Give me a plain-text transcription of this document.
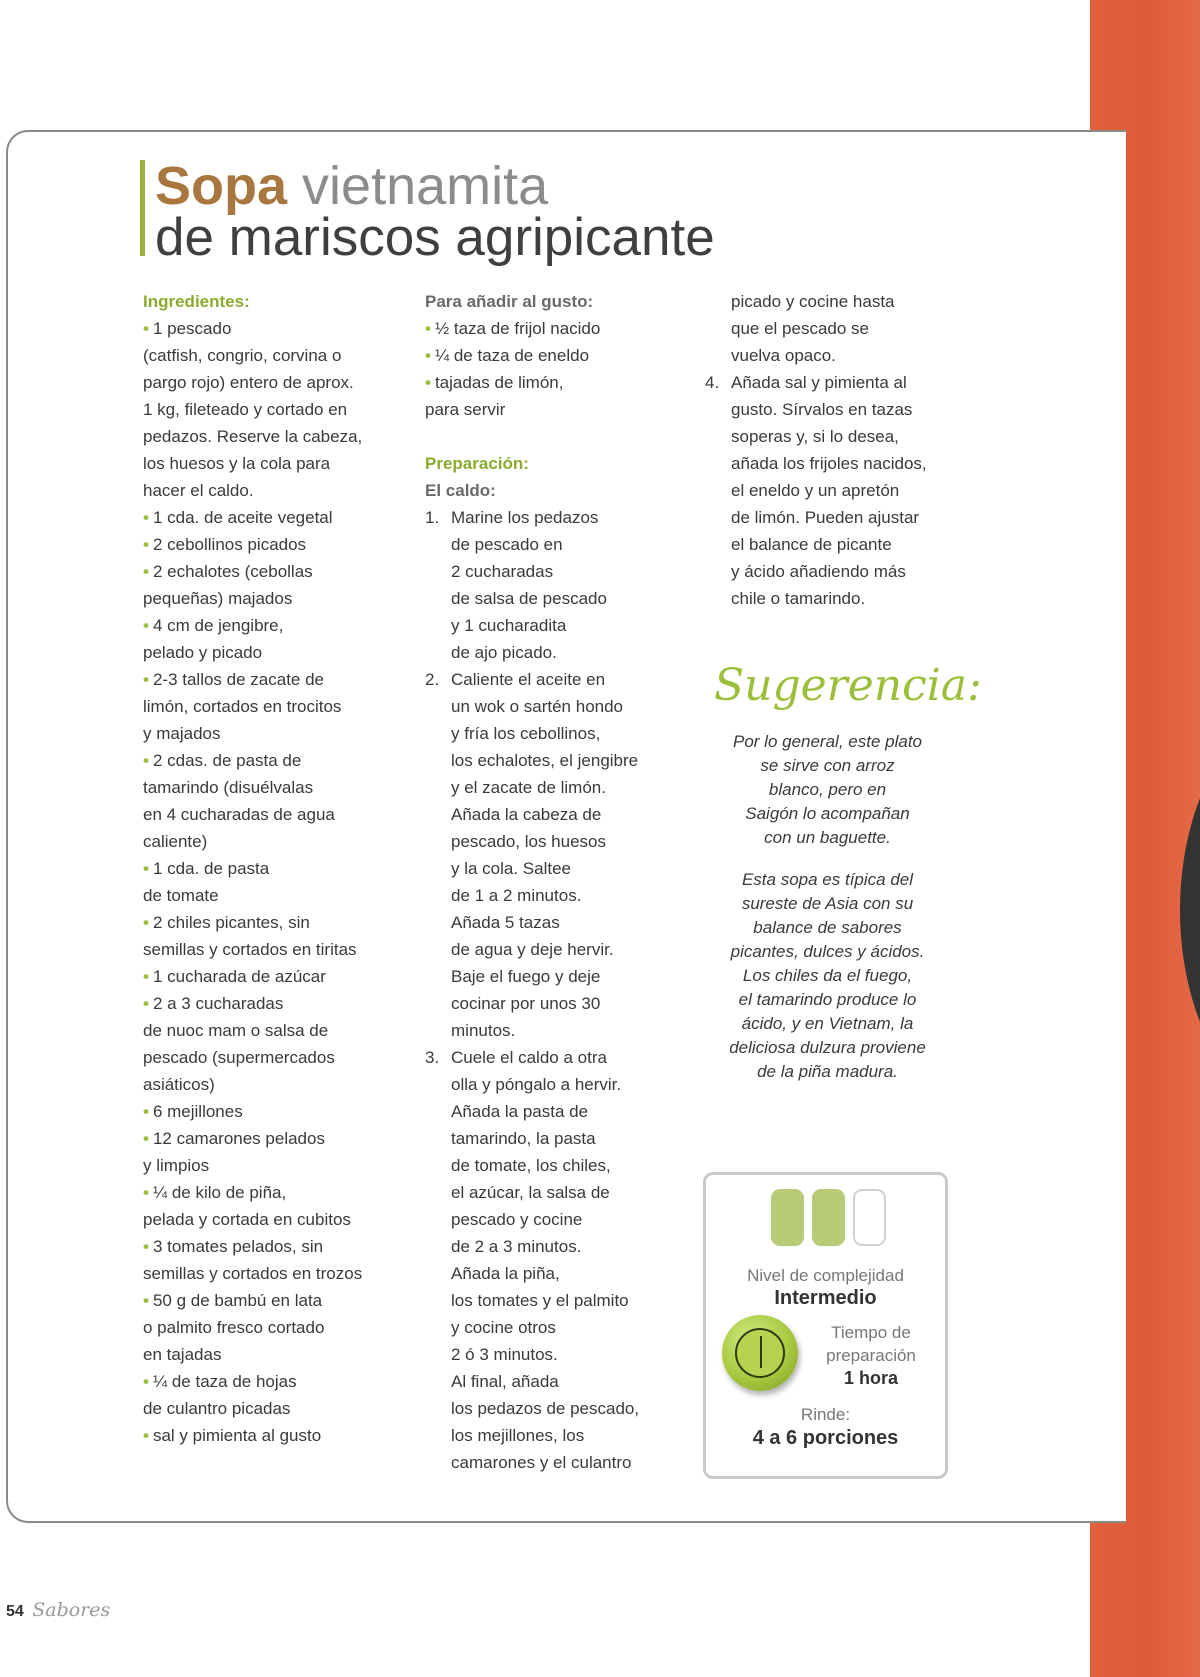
Sopa vietnamita
de mariscos agripicante

Ingredientes:

• 1 pescado

(catfish, congrio, corvina o

pargo rojo) entero de aprox.

1 kg, fileteado y cortado en

pedazos. Reserve la cabeza,

los huesos y la cola para

hacer el caldo.

• 1 cda. de aceite vegetal

• 2 cebollinos picados

• 2 echalotes (cebollas

pequeñas) majados

• 4 cm de jengibre,

pelado y picado

• 2-3 tallos de zacate de

limón, cortados en trocitos

y majados

• 2 cdas. de pasta de

tamarindo (disuélvalas

en 4 cucharadas de agua

caliente)

• 1 cda. de pasta

de tomate

• 2 chiles picantes, sin

semillas y cortados en tiritas

• 1 cucharada de azúcar

• 2 a 3 cucharadas

de nuoc mam o salsa de

pescado (supermercados

asiáticos)

• 6 mejillones

• 12 camarones pelados

y limpios

• ¼ de kilo de piña,

pelada y cortada en cubitos

• 3 tomates pelados, sin

semillas y cortados en trozos

• 50 g de bambú en lata

o palmito fresco cortado

en tajadas

• ¼ de taza de hojas

de culantro picadas

• sal y pimienta al gusto

Para añadir al gusto:

• ½ taza de frijol nacido

• ¼ de taza de eneldo

• tajadas de limón,

para servir

Preparación:

El caldo:

1. Marine los pedazos

de pescado en

2 cucharadas

de salsa de pescado

y 1 cucharadita

de ajo picado.

2. Caliente el aceite en

un wok o sartén hondo

y fría los cebollinos,

los echalotes, el jengibre

y el zacate de limón.

Añada la cabeza de

pescado, los huesos

y la cola. Saltee

de 1 a 2 minutos.

Añada 5 tazas

de agua y deje hervir.

Baje el fuego y deje

cocinar por unos 30

minutos.

3. Cuele el caldo a otra

olla y póngalo a hervir.

Añada la pasta de

tamarindo, la pasta

de tomate, los chiles,

el azúcar, la salsa de

pescado y cocine

de 2 a 3 minutos.

Añada la piña,

los tomates y el palmito

y cocine otros

2 ó 3 minutos.

Al final, añada

los pedazos de pescado,

los mejillones, los

camarones y el culantro

picado y cocine hasta

que el pescado se

vuelva opaco.

4. Añada sal y pimienta al

gusto. Sírvalos en tazas

soperas y, si lo desea,

añada los frijoles nacidos,

el eneldo y un apretón

de limón. Pueden ajustar

el balance de picante

y ácido añadiendo más

chile o tamarindo.

Sugerencia:

Por lo general, este plato

se sirve con arroz

blanco, pero en

Saigón lo acompañan

con un baguette.

Esta sopa es típica del

sureste de Asia con su

balance de sabores

picantes, dulces y ácidos.

Los chiles da el fuego,

el tamarindo produce lo

ácido, y en Vietnam, la

deliciosa dulzura proviene

de la piña madura.

Nivel de complejidad
Intermedio
Tiempo de
preparación
1 hora
Rinde:
4 a 6 porciones
54 Sabores
